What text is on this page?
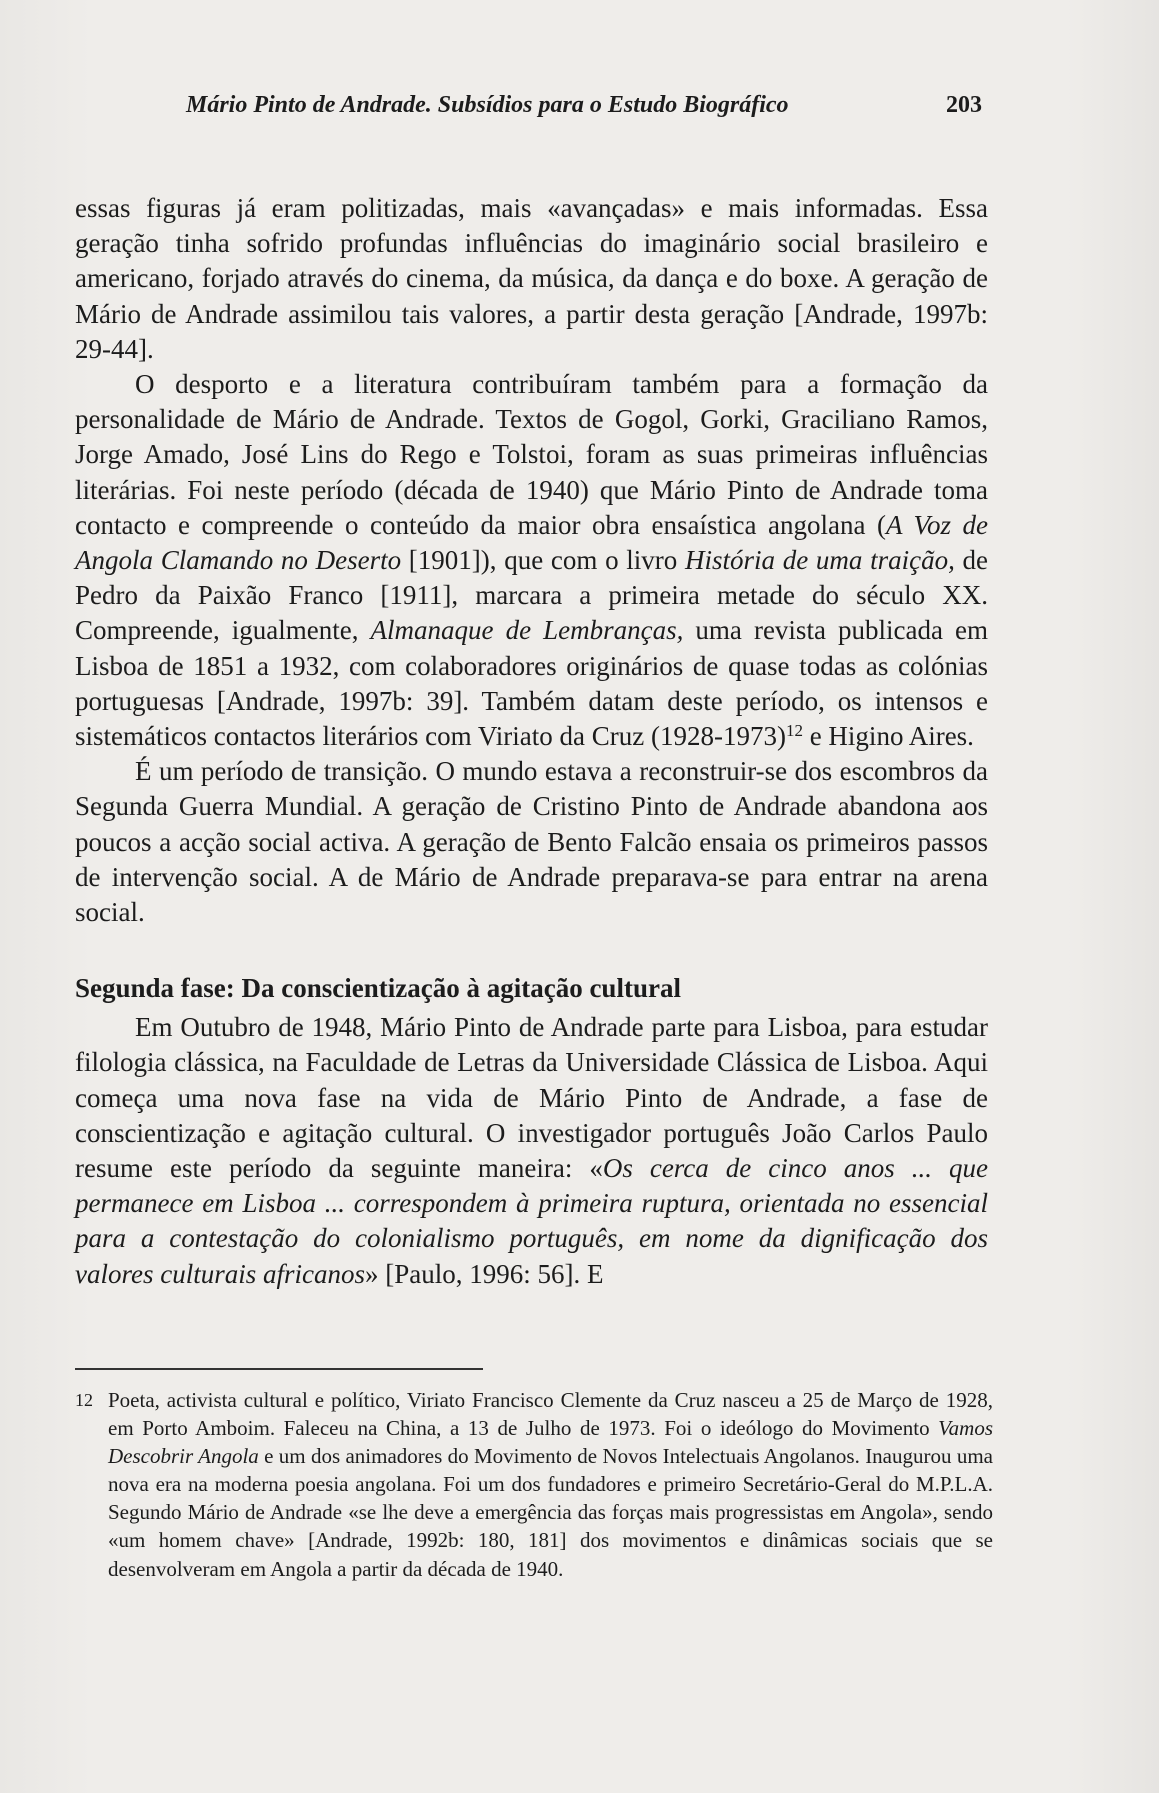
Mário Pinto de Andrade. Subsídios para o Estudo Biográfico	203

essas figuras já eram politizadas, mais «avançadas» e mais informadas. Essa geração tinha sofrido profundas influências do imaginário social brasileiro e americano, forjado através do cinema, da música, da dança e do boxe. A geração de Mário de Andrade assimilou tais valores, a partir desta geração [Andrade, 1997b: 29-44].

O desporto e a literatura contribuíram também para a formação da personalidade de Mário de Andrade. Textos de Gogol, Gorki, Graciliano Ramos, Jorge Amado, José Lins do Rego e Tolstoi, foram as suas primeiras influências literárias. Foi neste período (década de 1940) que Mário Pinto de Andrade toma contacto e compreende o conteúdo da maior obra ensaística angolana (A Voz de Angola Clamando no Deserto [1901]), que com o livro História de uma traição, de Pedro da Paixão Franco [1911], marcara a primeira metade do século XX. Compreende, igualmente, Almanaque de Lembranças, uma revista publicada em Lisboa de 1851 a 1932, com colaboradores originários de quase todas as colónias portuguesas [Andrade, 1997b: 39]. Também datam deste período, os intensos e sistemáticos contactos literários com Viriato da Cruz (1928-1973)$^{12}$ e Higino Aires.

É um período de transição. O mundo estava a reconstruir-se dos escombros da Segunda Guerra Mundial. A geração de Cristino Pinto de Andrade abandona aos poucos a acção social activa. A geração de Bento Falcão ensaia os primeiros passos de intervenção social. A de Mário de Andrade preparava-se para entrar na arena social.

Segunda fase: Da conscientização à agitação cultural

Em Outubro de 1948, Mário Pinto de Andrade parte para Lisboa, para estudar filologia clássica, na Faculdade de Letras da Universidade Clássica de Lisboa. Aqui começa uma nova fase na vida de Mário Pinto de Andrade, a fase de conscientização e agitação cultural. O investigador português João Carlos Paulo resume este período da seguinte maneira: «Os cerca de cinco anos ... que permanece em Lisboa ... correspondem à primeira ruptura, orientada no essencial para a contestação do colonialismo português, em nome da dignificação dos valores culturais africanos» [Paulo, 1996: 56]. E

12 Poeta, activista cultural e político, Viriato Francisco Clemente da Cruz nasceu a 25 de Março de 1928, em Porto Amboim. Faleceu na China, a 13 de Julho de 1973. Foi o ideólogo do Movimento Vamos Descobrir Angola e um dos animadores do Movimento de Novos Intelectuais Angolanos. Inaugurou uma nova era na moderna poesia angolana. Foi um dos fundadores e primeiro Secretário-Geral do M.P.L.A. Segundo Mário de Andrade «se lhe deve a emergência das forças mais progressistas em Angola», sendo «um homem chave» [Andrade, 1992b: 180, 181] dos movimentos e dinâmicas sociais que se desenvolveram em Angola a partir da década de 1940.
